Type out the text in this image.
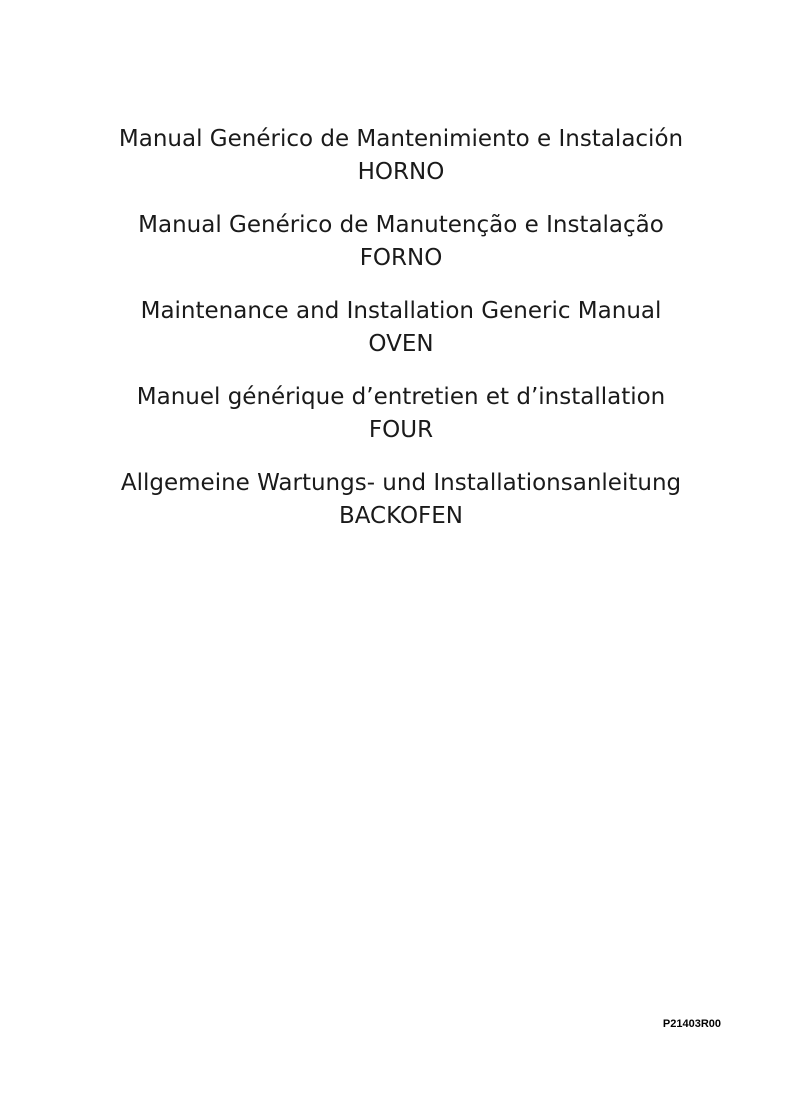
Manual Genérico de Mantenimiento e Instalación
HORNO
Manual Genérico de Manutenção e Instalação
FORNO
Maintenance and Installation Generic Manual
OVEN
Manuel générique d’entretien et d’installation
FOUR
Allgemeine Wartungs- und Installationsanleitung
BACKOFEN
P21403R00
